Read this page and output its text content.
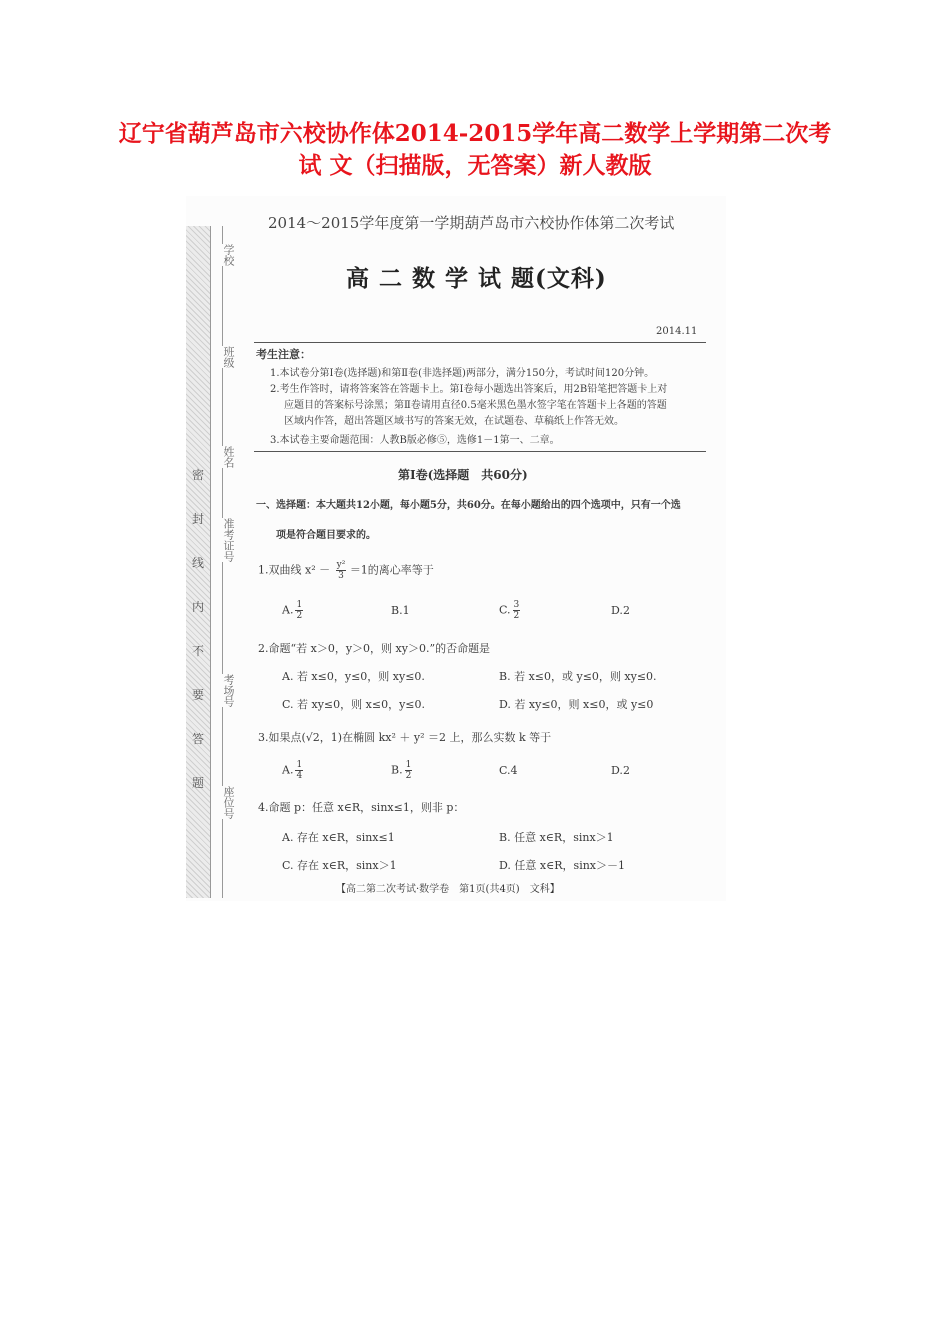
辽宁省葫芦岛市六校协作体2014-2015学年高二数学上学期第二次考
试 文（扫描版，无答案）新人教版
密
封
线
内
不
要
答
题
学校
班级
姓名
准考证号
考场号
座位号
2014～2015学年度第一学期葫芦岛市六校协作体第二次考试
高 二 数 学 试 题(文科)
2014.11
考生注意：
1.本试卷分第Ⅰ卷(选择题)和第Ⅱ卷(非选择题)两部分，满分150分，考试时间120分钟。
2.考生作答时，请将答案答在答题卡上。第Ⅰ卷每小题选出答案后，用2B铅笔把答题卡上对
应题目的答案标号涂黑；第Ⅱ卷请用直径0.5毫米黑色墨水签字笔在答题卡上各题的答题
区域内作答，超出答题区域书写的答案无效，在试题卷、草稿纸上作答无效。
3.本试卷主要命题范围：人教B版必修⑤，选修1－1第一、二章。
第Ⅰ卷(选择题　共60分)
一、选择题：本大题共12小题，每小题5分，共60分。在每小题给出的四个选项中，只有一个选
项是符合题目要求的。
1.双曲线 $x^2 - \frac{\text{y²}}{3} =1$的离心率等于
A. $\frac{1}{2}$	B.1	C. $\frac{3}{2}$	D.2
2.命题“若 x＞0，y＞0，则 xy＞0.”的否命题是
A. 若 x≤0，y≤0，则 xy≤0.	B. 若 x≤0，或 y≤0，则 xy≤0.
C. 若 xy≤0，则 x≤0，y≤0.	D. 若 xy≤0，则 x≤0，或 y≤0
3.如果点(√2，1)在椭圆 kx² ＋ y² ＝2 上，那么实数 k 等于
A. $\frac{1}{4}$	B. $\frac{1}{2}$	C.4	D.2
4.命题 p：任意 x∈R，sinx≤1，则非 p：
A. 存在 x∈R，sinx≤1	B. 任意 x∈R，sinx＞1
C. 存在 x∈R，sinx＞1	D. 任意 x∈R，sinx＞－1
【高二第二次考试·数学卷　第1页(共4页)　文科】
